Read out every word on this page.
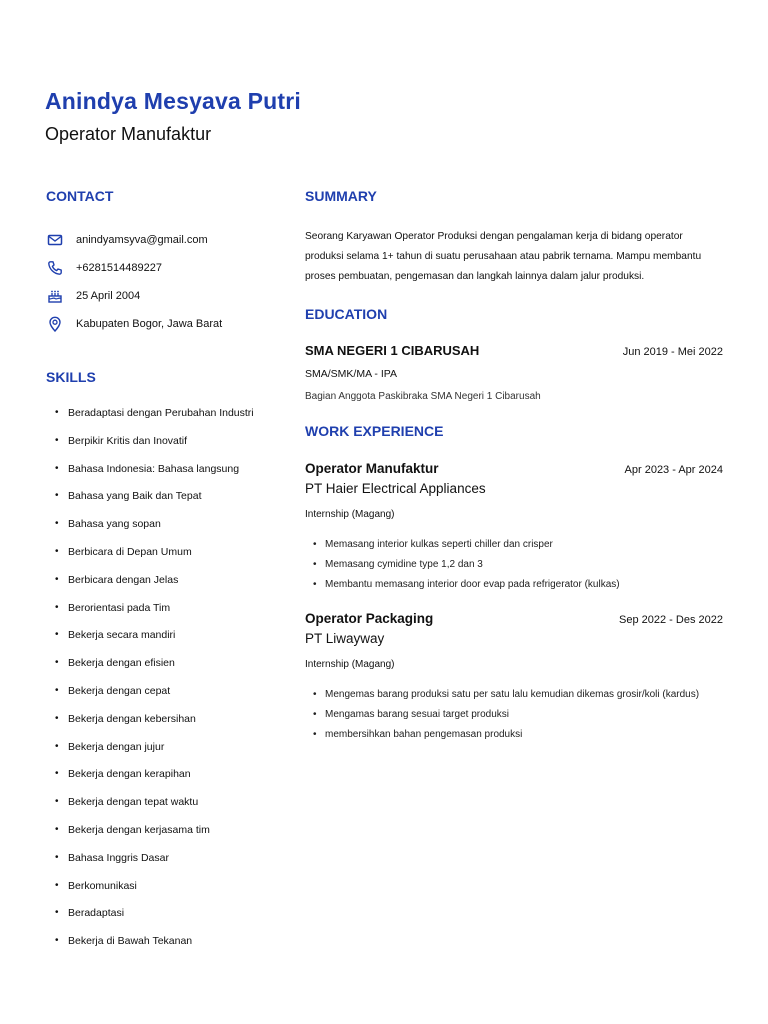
Anindya Mesyava Putri
Operator Manufaktur
CONTACT
anindyamsyva@gmail.com
+6281514489227
25 April 2004
Kabupaten Bogor, Jawa Barat
SKILLS
• Beradaptasi dengan Perubahan Industri
• Berpikir Kritis dan Inovatif
• Bahasa Indonesia: Bahasa langsung
• Bahasa yang Baik dan Tepat
• Bahasa yang sopan
• Berbicara di Depan Umum
• Berbicara dengan Jelas
• Berorientasi pada Tim
• Bekerja secara mandiri
• Bekerja dengan efisien
• Bekerja dengan cepat
• Bekerja dengan kebersihan
• Bekerja dengan jujur
• Bekerja dengan kerapihan
• Bekerja dengan tepat waktu
• Bekerja dengan kerjasama tim
• Bahasa Inggris Dasar
• Berkomunikasi
• Beradaptasi
• Bekerja di Bawah Tekanan
SUMMARY

Seorang Karyawan Operator Produksi dengan pengalaman kerja di bidang operator produksi selama 1+ tahun di suatu perusahaan atau pabrik ternama. Mampu membantu proses pembuatan, pengemasan dan langkah lainnya dalam jalur produksi.

EDUCATION
SMA NEGERI 1 CIBARUSAH	Jun 2019 - Mei 2022
SMA/SMK/MA - IPA
Bagian Anggota Paskibraka SMA Negeri 1 Cibarusah
WORK EXPERIENCE
Operator Manufaktur	Apr 2023 - Apr 2024
PT Haier Electrical Appliances
Internship (Magang)
• Memasang interior kulkas seperti chiller dan crisper
• Memasang cymidine type 1,2 dan 3
• Membantu memasang interior door evap pada refrigerator (kulkas)
Operator Packaging	Sep 2022 - Des 2022
PT Liwayway
Internship (Magang)
• Mengemas barang produksi satu per satu lalu kemudian dikemas grosir/koli (kardus)
• Mengamas barang sesuai target produksi
• membersihkan bahan pengemasan produksi
